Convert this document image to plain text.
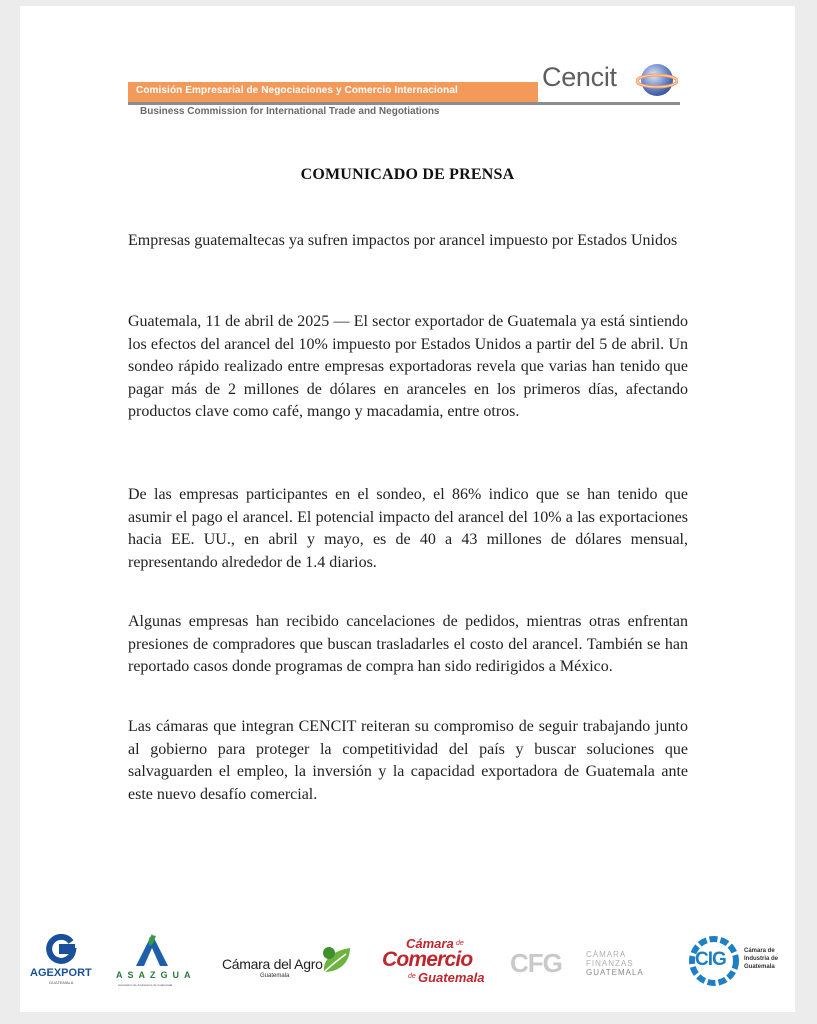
Comisión Empresarial de Negociaciones y Comercio Internacional
Business Commission for International Trade and Negotiations
Cencit
COMUNICADO DE PRENSA

Empresas guatemaltecas ya sufren impactos por arancel impuesto por Estados Unidos

Guatemala, 11 de abril de 2025 — El sector exportador de Guatemala ya está sintiendo los efectos del arancel del 10% impuesto por Estados Unidos a partir del 5 de abril. Un sondeo rápido realizado entre empresas exportadoras revela que varias han tenido que pagar más de 2 millones de dólares en aranceles en los primeros días, afectando productos clave como café, mango y macadamia, entre otros.

De las empresas participantes en el sondeo, el 86% indico que se han tenido que asumir el pago el arancel. El potencial impacto del arancel del 10% a las exportaciones hacia EE. UU., en abril y mayo, es de 40 a 43 millones de dólares mensual, representando alrededor de 1.4 diarios.

Algunas empresas han recibido cancelaciones de pedidos, mientras otras enfrentan presiones de compradores que buscan trasladarles el costo del arancel. También se han reportado casos donde programas de compra han sido redirigidos a México.

Las cámaras que integran CENCIT reiteran su compromiso de seguir trabajando junto al gobierno para proteger la competitividad del país y buscar soluciones que salvaguarden el empleo, la inversión y la capacidad exportadora de Guatemala ante este nuevo desafío comercial.

AGEXPORT
GUATEMALA
ASAZGUA
Asociación de Azucareros de Guatemala
Cámara del Agro
Guatemala
Cámara de
Comercio
de Guatemala CFG	CÁMARA
FINANZAS
GUATEMALA
CIG	Cámara de
Industria de
Guatemala
